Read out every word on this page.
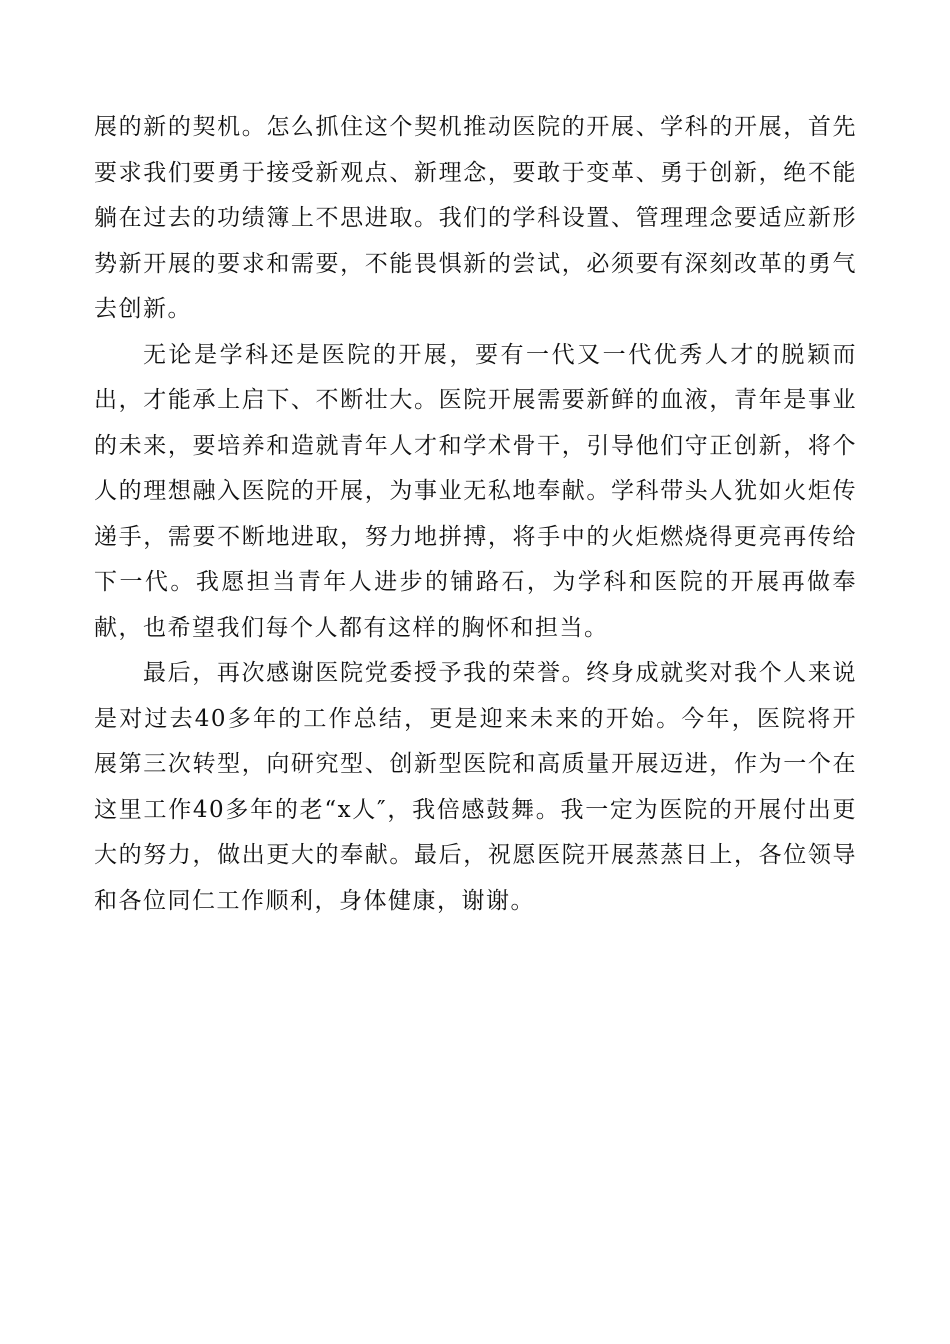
展的新的契机。怎么抓住这个契机推动医院的开展、学科的开展，首先要求我们要勇于接受新观点、新理念，要敢于变革、勇于创新，绝不能躺在过去的功绩簿上不思进取。我们的学科设置、管理理念要适应新形势新开展的要求和需要，不能畏惧新的尝试，必须要有深刻改革的勇气去创新。

无论是学科还是医院的开展，要有一代又一代优秀人才的脱颖而出，才能承上启下、不断壮大。医院开展需要新鲜的血液，青年是事业的未来，要培养和造就青年人才和学术骨干，引导他们守正创新，将个人的理想融入医院的开展，为事业无私地奉献。学科带头人犹如火炬传递手，需要不断地进取，努力地拼搏，将手中的火炬燃烧得更亮再传给下一代。我愿担当青年人进步的铺路石，为学科和医院的开展再做奉献，也希望我们每个人都有这样的胸怀和担当。

最后，再次感谢医院党委授予我的荣誉。终身成就奖对我个人来说是对过去40多年的工作总结，更是迎来未来的开始。今年，医院将开展第三次转型，向研究型、创新型医院和高质量开展迈进，作为一个在这里工作40多年的老“x人″，我倍感鼓舞。我一定为医院的开展付出更大的努力，做出更大的奉献。最后，祝愿医院开展蒸蒸日上，各位领导和各位同仁工作顺利，身体健康，谢谢。
